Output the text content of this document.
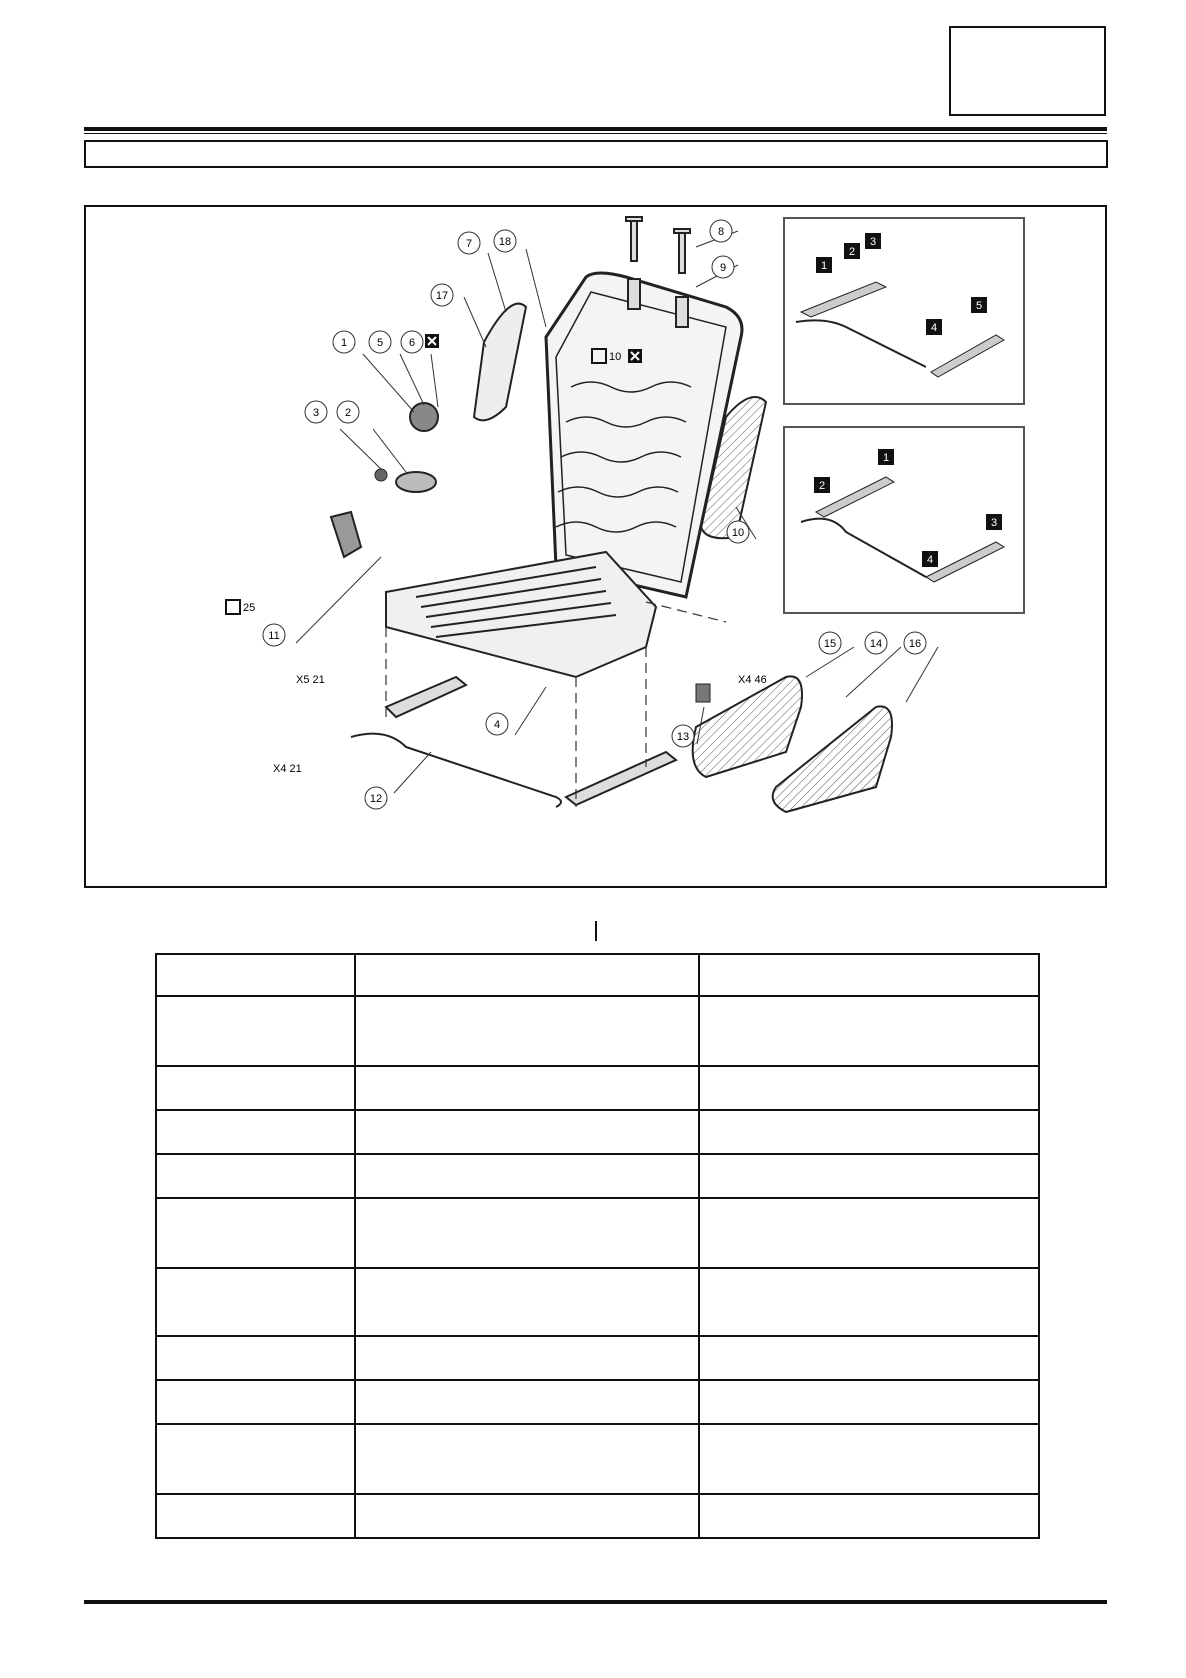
1
2
3
4
5
1
2
3
4
1
2
3
4
5 6
7
8
9
10
11
12
13
14
15	16
17
18
10
25
X5 21	X4 46
X4 21
